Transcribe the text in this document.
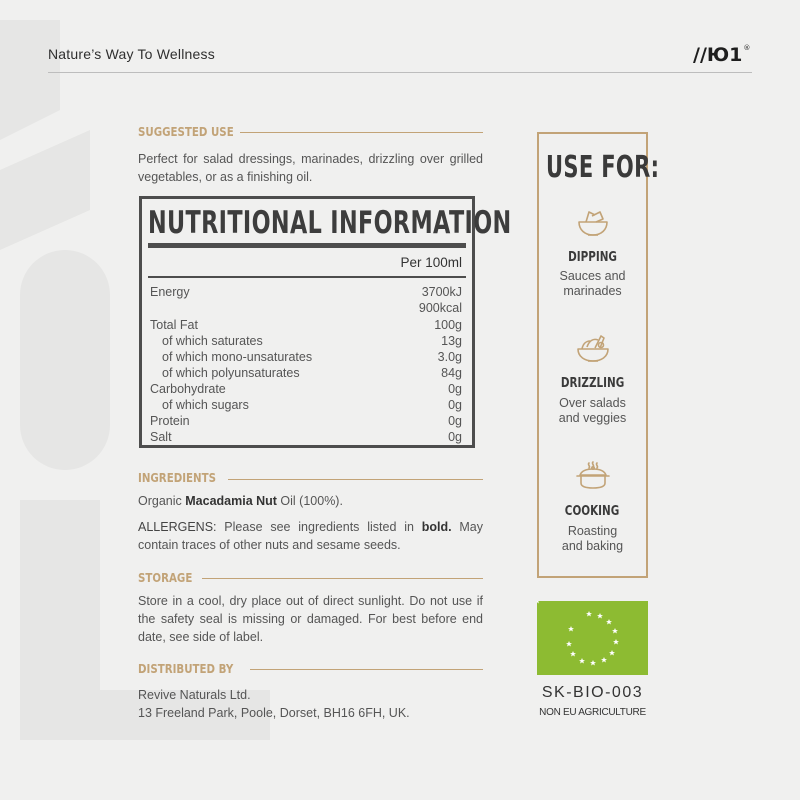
Nature’s Way To Wellness	//Ю1®
SUGGESTED USE
Perfect for salad dressings, marinades, drizzling over grilled vegetables, or as a finishing oil.
NUTRITIONAL INFORMATION
Per 100ml
Energy	3700kJ
900kcal
Total Fat	100g
of which saturates	13g
of which mono-unsaturates	3.0g
of which polyunsaturates	84g
Carbohydrate	0g
of which sugars	0g
Protein	0g
Salt	0g
INGREDIENTS
Organic Macadamia Nut Oil (100%).
ALLERGENS: Please see ingredients listed in bold. May contain traces of other nuts and sesame seeds.
STORAGE
Store in a cool, dry place out of direct sunlight. Do not use if the safety seal is missing or damaged. For best before end date, see side of label.
DISTRIBUTED BY
Revive Naturals Ltd.
13 Freeland Park, Poole, Dorset, BH16 6FH, UK.
USE FOR:
DIPPING
Sauces and
marinades
DRIZZLING
Over salads
and veggies
COOKING
Roasting
and baking
SK-BIO-003
NON EU AGRICULTURE
